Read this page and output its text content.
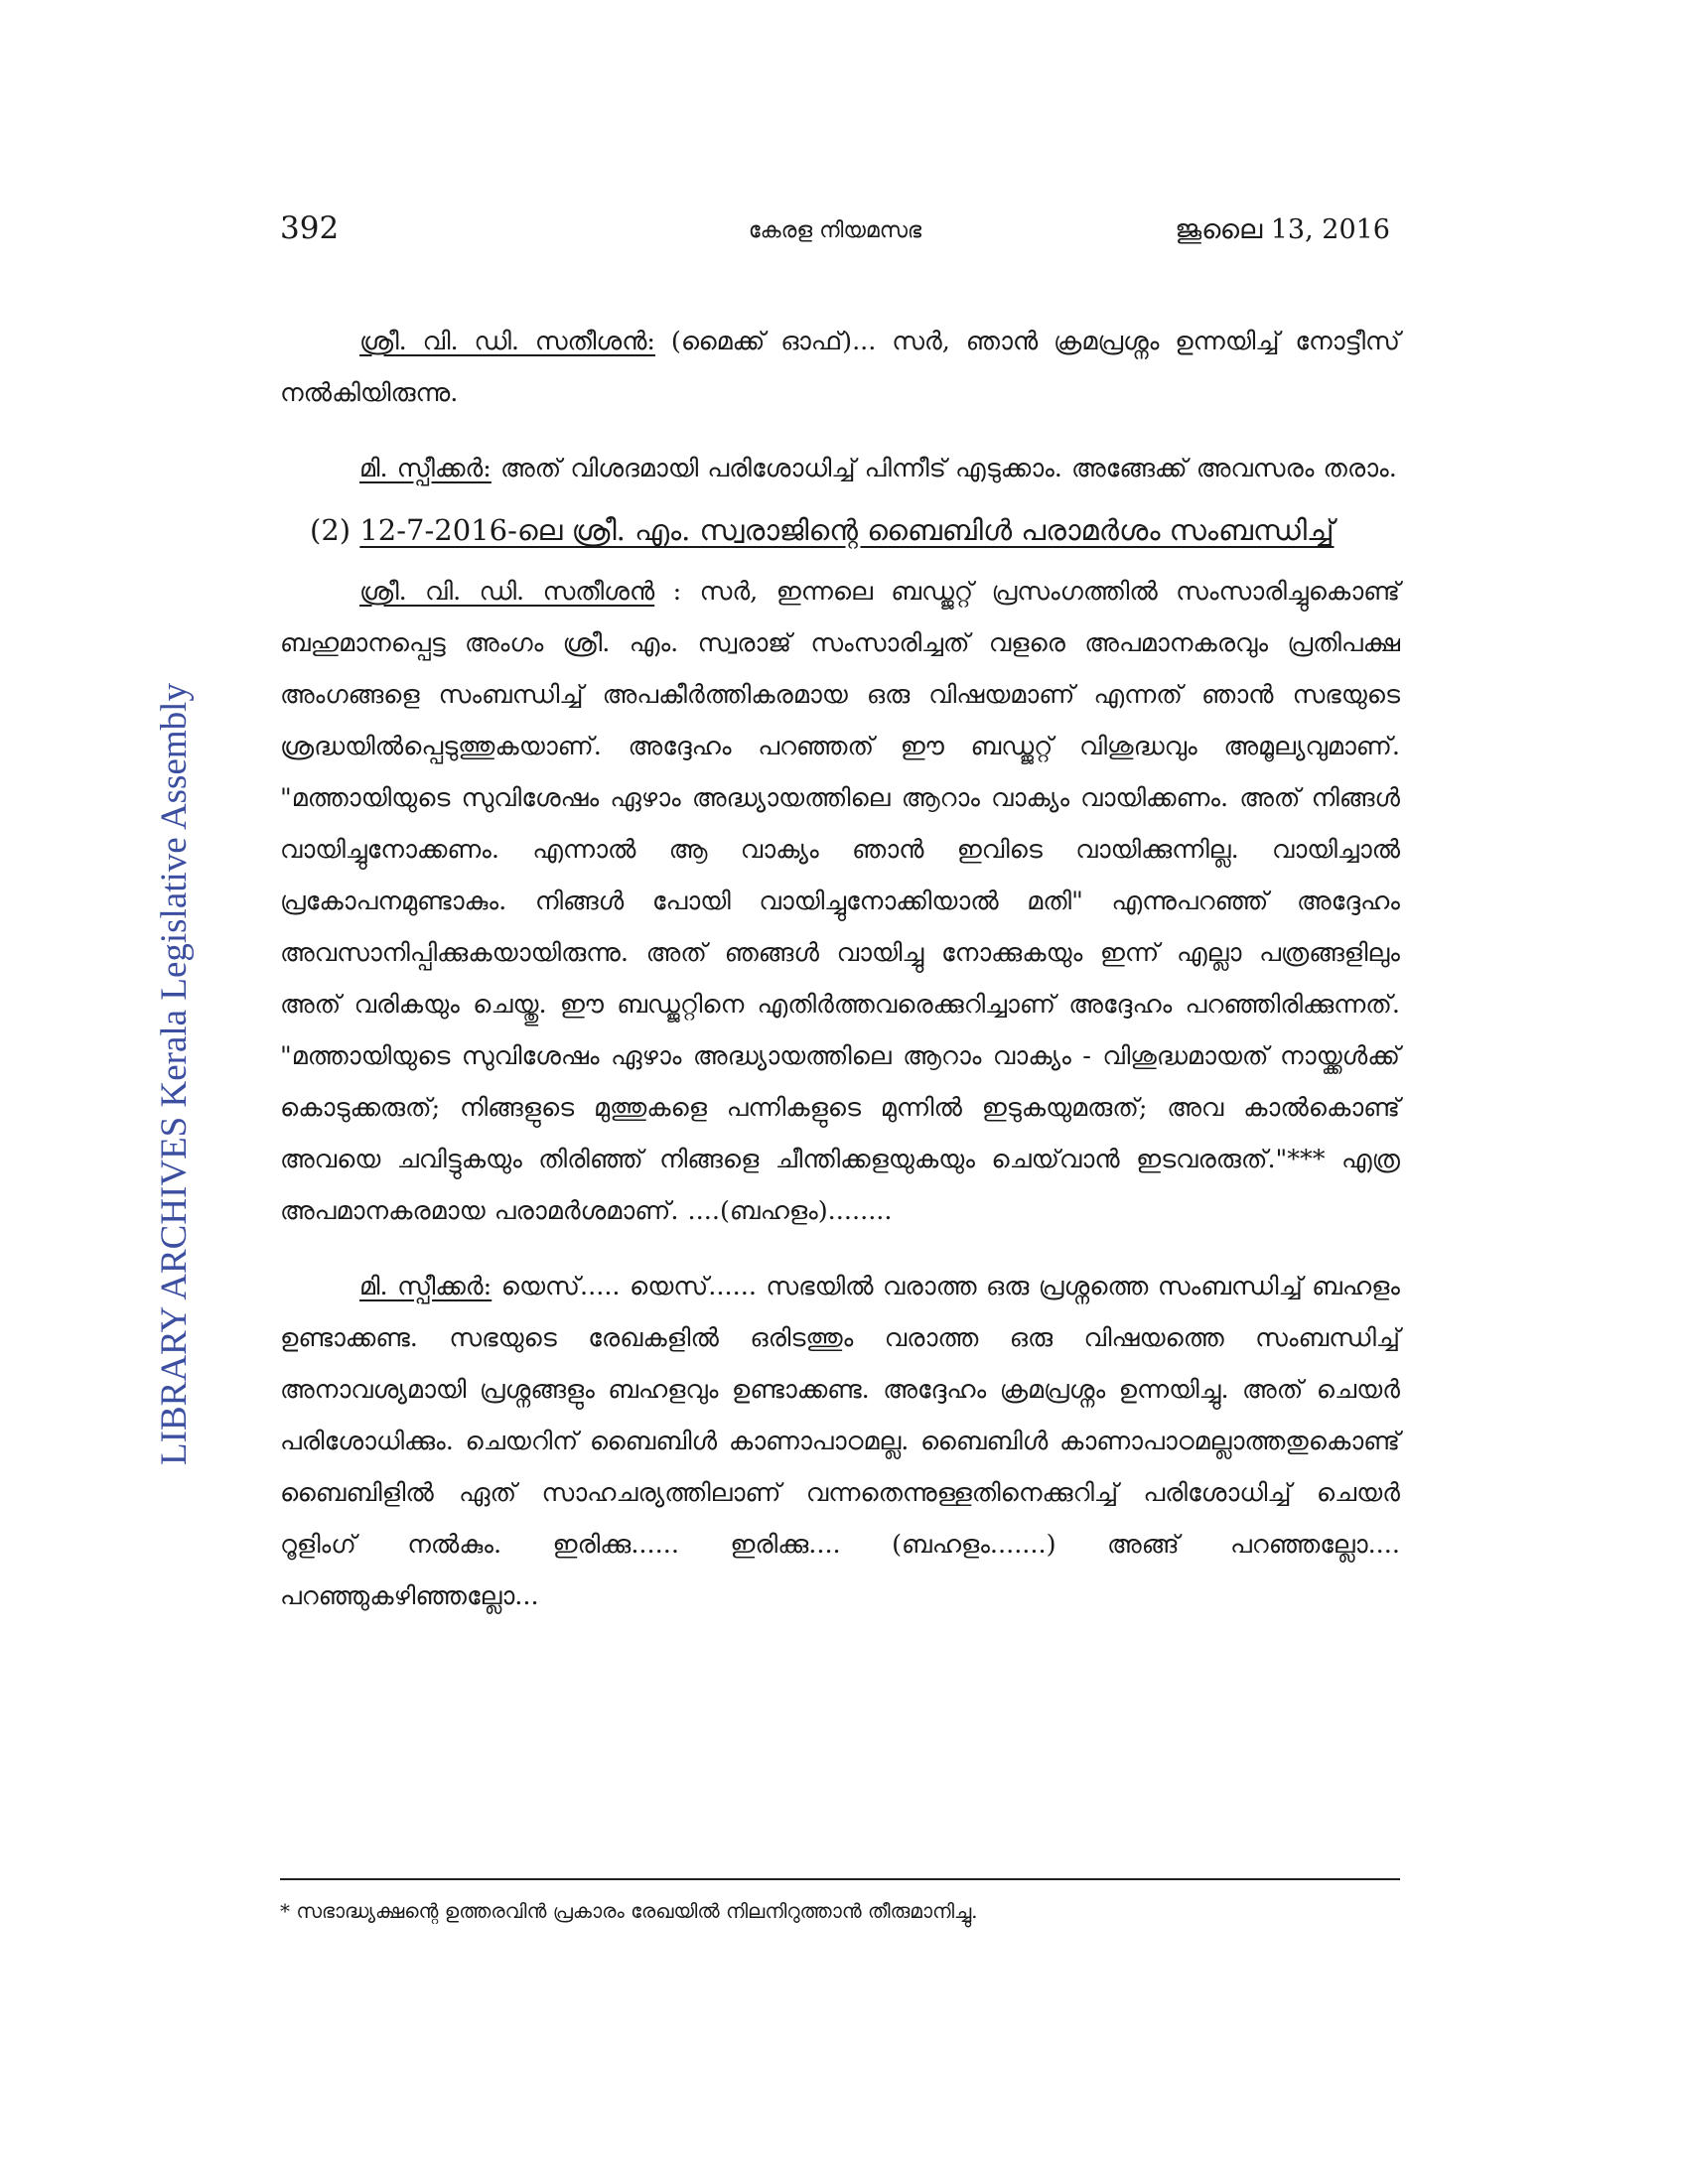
392	കേരള നിയമസഭ	ജൂലൈ 13, 2016
LIBRARY ARCHIVES Kerala Legislative Assembly

ശ്രീ. വി. ഡി. സതീശൻ: (മൈക്ക് ഓഫ്)... സർ, ഞാൻ ക്രമപ്രശ്നം ഉന്നയിച്ച് നോട്ടീസ് നൽകിയിരുന്നു.

മി. സ്പീക്കർ: അത് വിശദമായി പരിശോധിച്ച് പിന്നീട് എടുക്കാം. അങ്ങേക്ക് അവസരം തരാം.

(2) 12-7-2016-ലെ ശ്രീ. എം. സ്വരാജിന്റെ ബൈബിൾ പരാമർശം സംബന്ധിച്ച്

ശ്രീ. വി. ഡി. സതീശൻ : സർ, ഇന്നലെ ബഡ്ജറ്റ് പ്രസംഗത്തിൽ സംസാരിച്ചുകൊണ്ട് ബഹുമാനപ്പെട്ട അംഗം ശ്രീ. എം. സ്വരാജ് സംസാരിച്ചത് വളരെ അപമാനകരവും പ്രതിപക്ഷ അംഗങ്ങളെ സംബന്ധിച്ച് അപകീർത്തികരമായ ഒരു വിഷയമാണ് എന്നത് ഞാൻ സഭയുടെ ശ്രദ്ധയിൽപ്പെടുത്തുകയാണ്. അദ്ദേഹം പറഞ്ഞത് ഈ ബഡ്ജറ്റ് വിശുദ്ധവും അമൂല്യവുമാണ്. "മത്തായിയുടെ സുവിശേഷം ഏഴാം അദ്ധ്യായത്തിലെ ആറാം വാക്യം വായിക്കണം. അത് നിങ്ങൾ വായിച്ചുനോക്കണം. എന്നാൽ ആ വാക്യം ഞാൻ ഇവിടെ വായിക്കുന്നില്ല. വായിച്ചാൽ പ്രകോപനമുണ്ടാകും. നിങ്ങൾ പോയി വായിച്ചുനോക്കിയാൽ മതി" എന്നുപറഞ്ഞ് അദ്ദേഹം അവസാനിപ്പിക്കുകയായിരുന്നു. അത് ഞങ്ങൾ വായിച്ചു നോക്കുകയും ഇന്ന് എല്ലാ പത്രങ്ങളിലും അത് വരികയും ചെയ്തു. ഈ ബഡ്ജറ്റിനെ എതിർത്തവരെക്കുറിച്ചാണ് അദ്ദേഹം പറഞ്ഞിരിക്കുന്നത്. "മത്തായിയുടെ സുവിശേഷം ഏഴാം അദ്ധ്യായത്തിലെ ആറാം വാക്യം - വിശുദ്ധമായത് നായ്ക്കൾക്ക് കൊടുക്കരുത്; നിങ്ങളുടെ മുത്തുകളെ പന്നികളുടെ മുന്നിൽ ഇടുകയുമരുത്; അവ കാൽകൊണ്ട് അവയെ ചവിട്ടുകയും തിരിഞ്ഞ് നിങ്ങളെ ചീന്തിക്കളയുകയും ചെയ്‌വാൻ ഇടവരരുത്."*** എത്ര അപമാനകരമായ പരാമർശമാണ്. ....(ബഹളം)........

മി. സ്പീക്കർ: യെസ്..... യെസ്...... സഭയിൽ വരാത്ത ഒരു പ്രശ്നത്തെ സംബന്ധിച്ച് ബഹളം ഉണ്ടാക്കണ്ട. സഭയുടെ രേഖകളിൽ ഒരിടത്തും വരാത്ത ഒരു വിഷയത്തെ സംബന്ധിച്ച് അനാവശ്യമായി പ്രശ്നങ്ങളും ബഹളവും ഉണ്ടാക്കണ്ട. അദ്ദേഹം ക്രമപ്രശ്നം ഉന്നയിച്ചു. അത് ചെയർ പരിശോധിക്കും. ചെയറിന് ബൈബിൾ കാണാപാഠമല്ല. ബൈബിൾ കാണാപാഠമല്ലാത്തതുകൊണ്ട് ബൈബിളിൽ ഏത് സാഹചര്യത്തിലാണ് വന്നതെന്നുള്ളതിനെക്കുറിച്ച് പരിശോധിച്ച് ചെയർ റൂളിംഗ് നൽകും. ഇരിക്കു...... ഇരിക്കു.... (ബഹളം.......) അങ്ങ് പറഞ്ഞല്ലോ.... പറഞ്ഞുകഴിഞ്ഞല്ലോ...

* സഭാദ്ധ്യക്ഷന്റെ ഉത്തരവിൻ പ്രകാരം രേഖയിൽ നിലനിറുത്താൻ തീരുമാനിച്ചു.
